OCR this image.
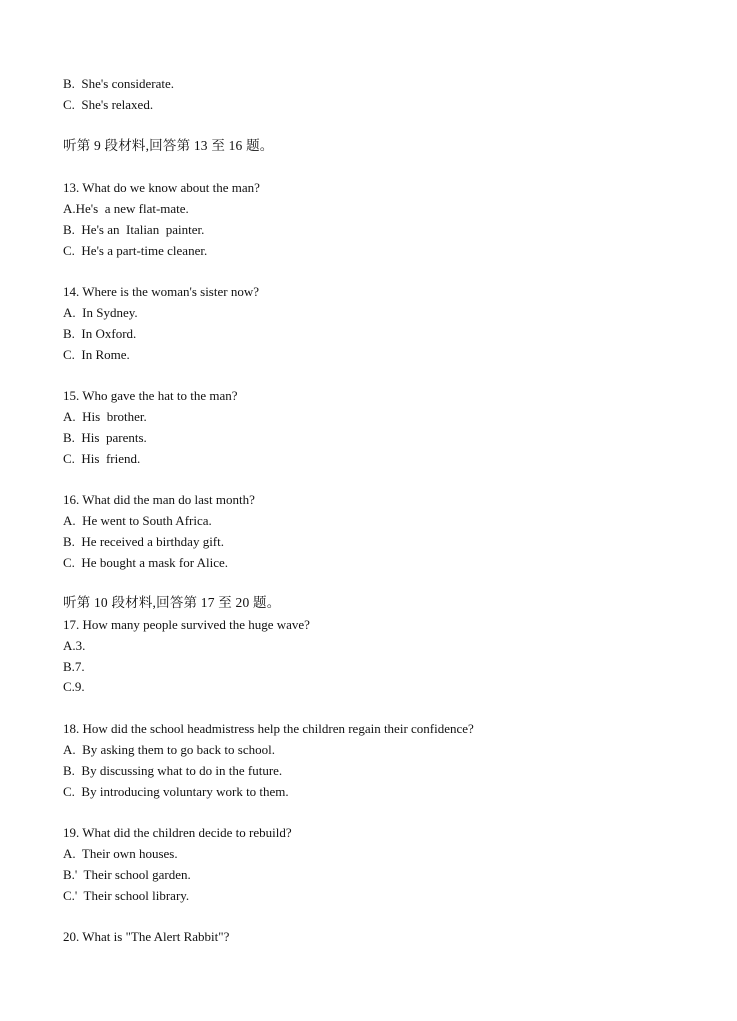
B.  She's considerate.
C.  She's relaxed.
听第 9 段材料,回答第 13 至 16 题。
13. What do we know about the man?
A.He's  a new flat-mate.
B.  He's an  Italian  painter.
C.  He's a part-time cleaner.
14. Where is the woman's sister now?
A.  In Sydney.
B.  In Oxford.
C.  In Rome.
15. Who gave the hat to the man?
A.  His  brother.
B.  His  parents.
C.  His  friend.
16. What did the man do last month?
A.  He went to South Africa.
B.  He received a birthday gift.
C.  He bought a mask for Alice.
听第 10 段材料,回答第 17 至 20 题。
17. How many people survived the huge wave?
A.3.
B.7.
C.9.
18. How did the school headmistress help the children regain their confidence?
A.  By asking them to go back to school.
B.  By discussing what to do in the future.
C.  By introducing voluntary work to them.
19. What did the children decide to rebuild?
A.  Their own houses.
B.'  Their school garden.
C.'  Their school library.
20. What is "The Alert Rabbit"?
